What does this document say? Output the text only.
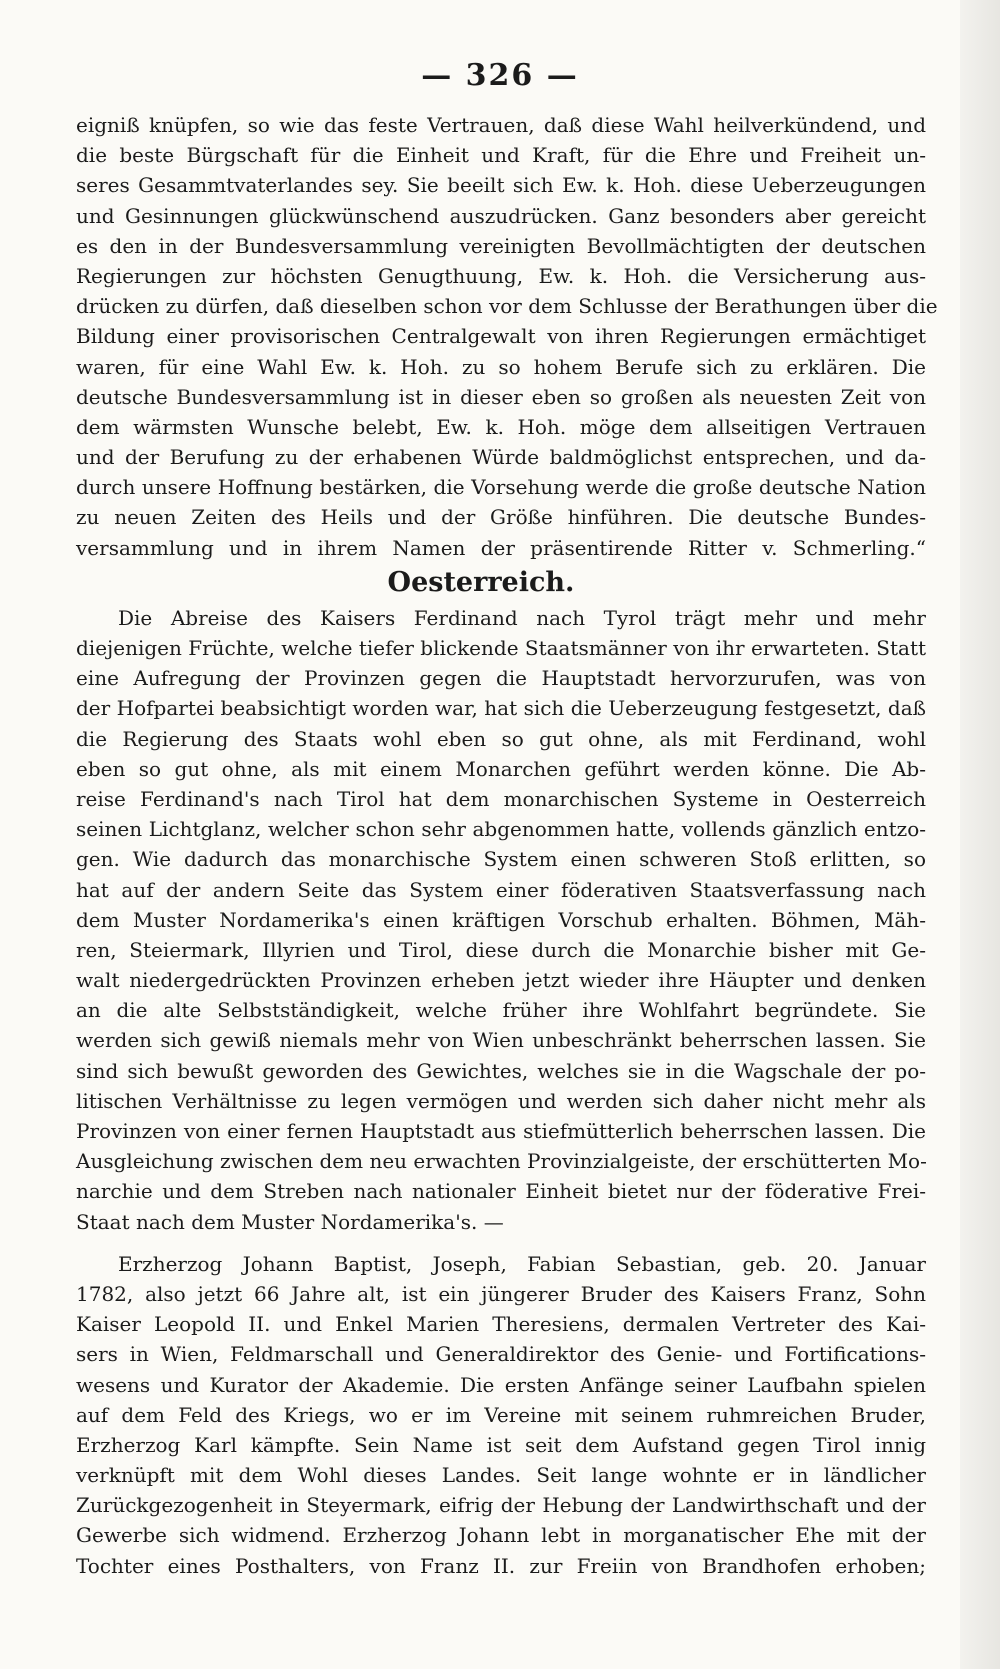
— 326 —
eigniß knüpfen, so wie das feste Vertrauen, daß diese Wahl heilverkündend, und
die beste Bürgschaft für die Einheit und Kraft, für die Ehre und Freiheit un-
seres Gesammtvaterlandes sey. Sie beeilt sich Ew. k. Hoh. diese Ueberzeugungen
und Gesinnungen glückwünschend auszudrücken. Ganz besonders aber gereicht
es den in der Bundesversammlung vereinigten Bevollmächtigten der deutschen
Regierungen zur höchsten Genugthuung, Ew. k. Hoh. die Versicherung aus-
drücken zu dürfen, daß dieselben schon vor dem Schlusse der Berathungen über die
Bildung einer provisorischen Centralgewalt von ihren Regierungen ermächtiget
waren, für eine Wahl Ew. k. Hoh. zu so hohem Berufe sich zu erklären. Die
deutsche Bundesversammlung ist in dieser eben so großen als neuesten Zeit von
dem wärmsten Wunsche belebt, Ew. k. Hoh. möge dem allseitigen Vertrauen
und der Berufung zu der erhabenen Würde baldmöglichst entsprechen, und da-
durch unsere Hoffnung bestärken, die Vorsehung werde die große deutsche Nation
zu neuen Zeiten des Heils und der Größe hinführen. Die deutsche Bundes-
versammlung und in ihrem Namen der präsentirende Ritter v. Schmerling.“
Oesterreich.
Die Abreise des Kaisers Ferdinand nach Tyrol trägt mehr und mehr
diejenigen Früchte, welche tiefer blickende Staatsmänner von ihr erwarteten. Statt
eine Aufregung der Provinzen gegen die Hauptstadt hervorzurufen, was von
der Hofpartei beabsichtigt worden war, hat sich die Ueberzeugung festgesetzt, daß
die Regierung des Staats wohl eben so gut ohne, als mit Ferdinand, wohl
eben so gut ohne, als mit einem Monarchen geführt werden könne. Die Ab-
reise Ferdinand's nach Tirol hat dem monarchischen Systeme in Oesterreich
seinen Lichtglanz, welcher schon sehr abgenommen hatte, vollends gänzlich entzo-
gen. Wie dadurch das monarchische System einen schweren Stoß erlitten, so
hat auf der andern Seite das System einer föderativen Staatsverfassung nach
dem Muster Nordamerika's einen kräftigen Vorschub erhalten. Böhmen, Mäh-
ren, Steiermark, Illyrien und Tirol, diese durch die Monarchie bisher mit Ge-
walt niedergedrückten Provinzen erheben jetzt wieder ihre Häupter und denken
an die alte Selbstständigkeit, welche früher ihre Wohlfahrt begründete. Sie
werden sich gewiß niemals mehr von Wien unbeschränkt beherrschen lassen. Sie
sind sich bewußt geworden des Gewichtes, welches sie in die Wagschale der po-
litischen Verhältnisse zu legen vermögen und werden sich daher nicht mehr als
Provinzen von einer fernen Hauptstadt aus stiefmütterlich beherrschen lassen. Die
Ausgleichung zwischen dem neu erwachten Provinzialgeiste, der erschütterten Mo-
narchie und dem Streben nach nationaler Einheit bietet nur der föderative Frei-
Staat nach dem Muster Nordamerika's. —
Erzherzog Johann Baptist, Joseph, Fabian Sebastian, geb. 20. Januar
1782, also jetzt 66 Jahre alt, ist ein jüngerer Bruder des Kaisers Franz, Sohn
Kaiser Leopold II. und Enkel Marien Theresiens, dermalen Vertreter des Kai-
sers in Wien, Feldmarschall und Generaldirektor des Genie- und Fortifications-
wesens und Kurator der Akademie. Die ersten Anfänge seiner Laufbahn spielen
auf dem Feld des Kriegs, wo er im Vereine mit seinem ruhmreichen Bruder,
Erzherzog Karl kämpfte. Sein Name ist seit dem Aufstand gegen Tirol innig
verknüpft mit dem Wohl dieses Landes. Seit lange wohnte er in ländlicher
Zurückgezogenheit in Steyermark, eifrig der Hebung der Landwirthschaft und der
Gewerbe sich widmend. Erzherzog Johann lebt in morganatischer Ehe mit der
Tochter eines Posthalters, von Franz II. zur Freiin von Brandhofen erhoben;
